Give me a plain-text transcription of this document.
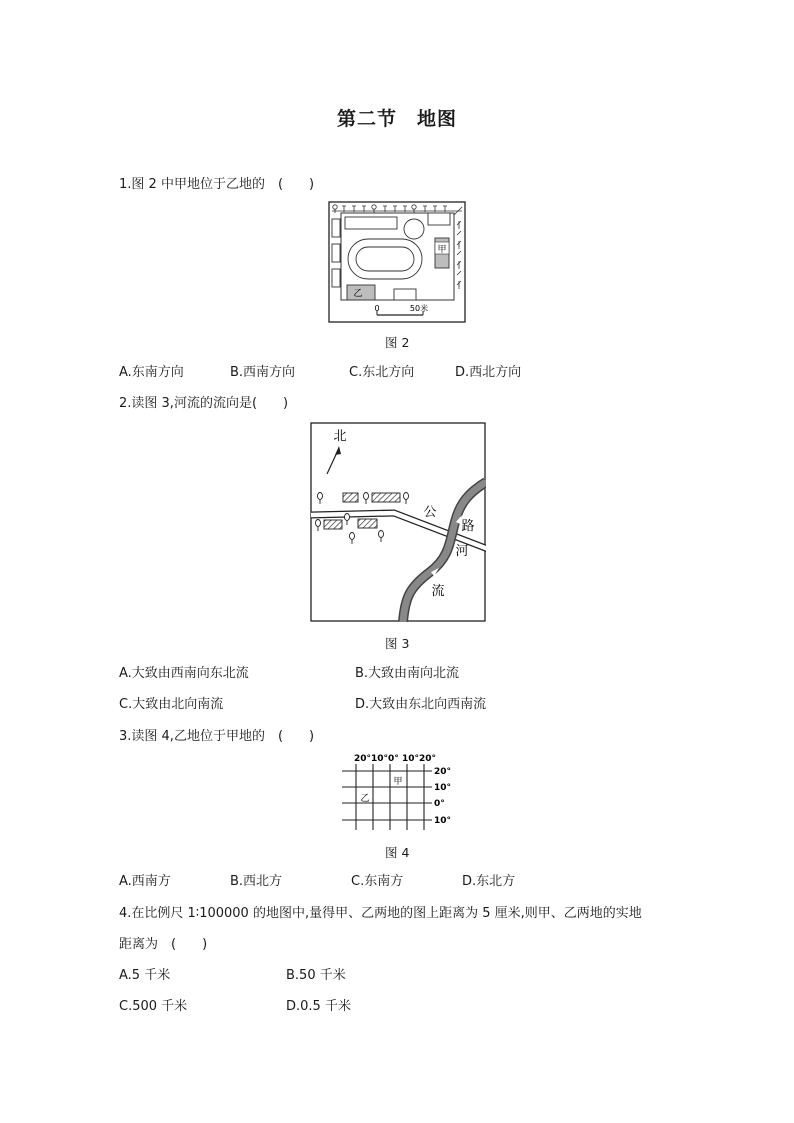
第二节　地图
1.图 2 中甲地位于乙地的　(　　)
甲
乙
0	50米
图 2
A.东南方向	B.西南方向	C.东北方向	D.西北方向
2.读图 3,河流的流向是(　　)
北
公
路
河
流
图 3
A.大致由西南向东北流	B.大致由南向北流
C.大致由北向南流	D.大致由东北向西南流
3.读图 4,乙地位于甲地的　(　　)
20°10°0° 10°20°
20°
10°
0°
10°
甲
乙
图 4
A.西南方	B.西北方	C.东南方	D.东北方
4.在比例尺 1∶100000 的地图中,量得甲、乙两地的图上距离为 5 厘米,则甲、乙两地的实地
距离为　(　　)
A.5 千米	B.50 千米
C.500 千米	D.0.5 千米
